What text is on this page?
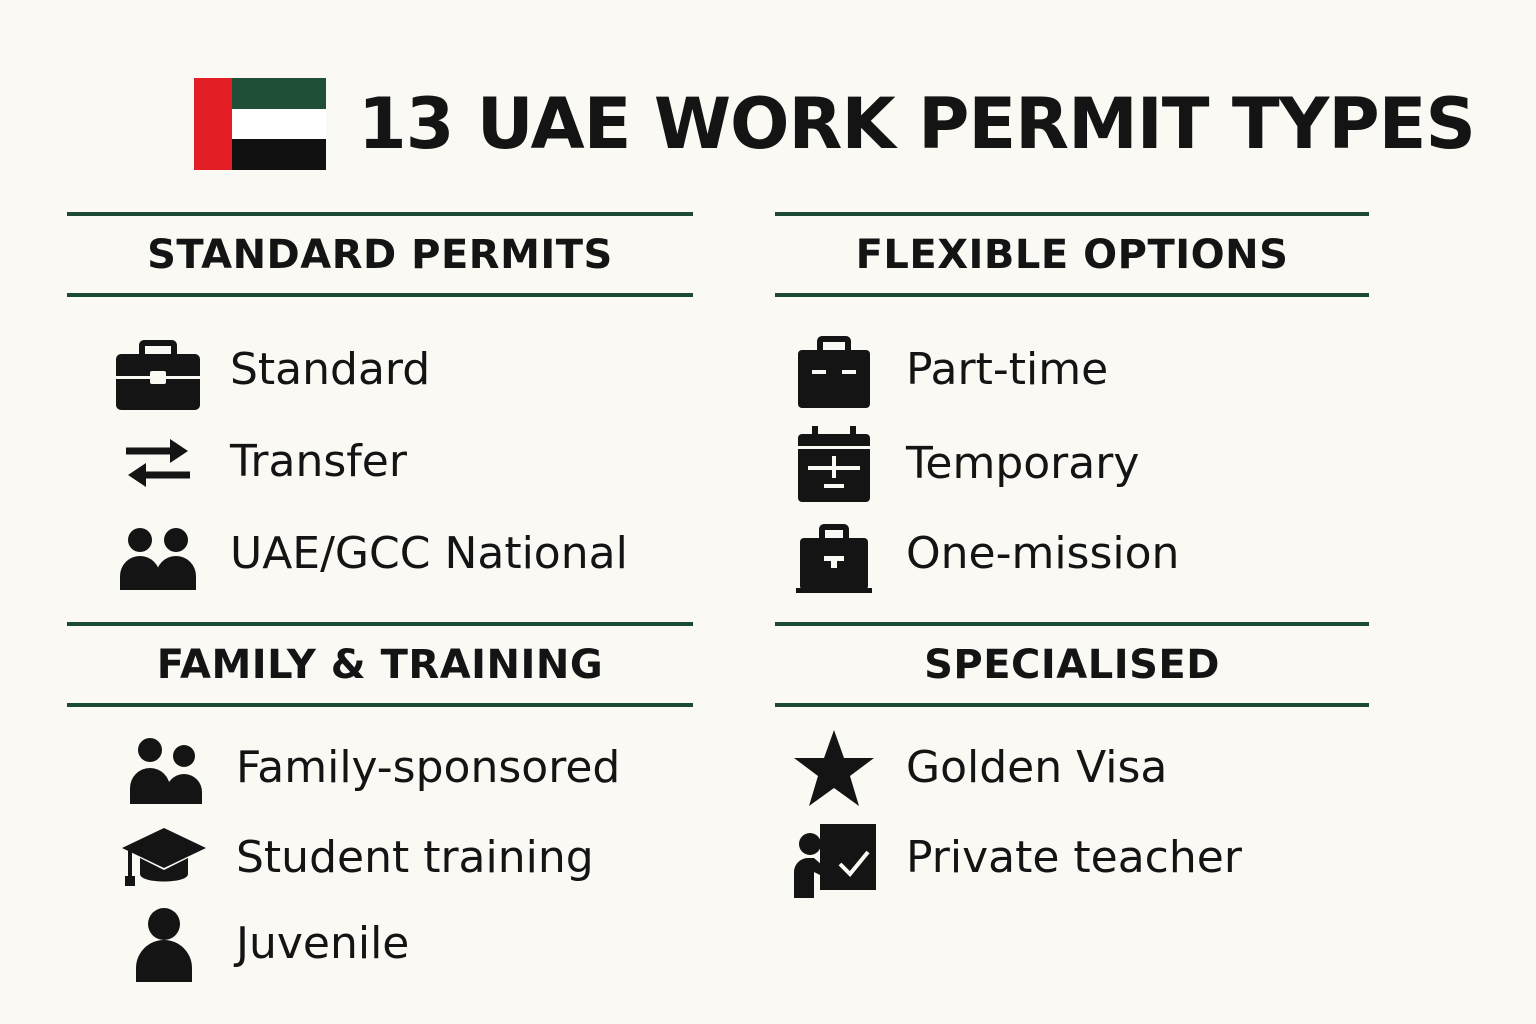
13 UAE WORK PERMIT TYPES
STANDARD PERMITS	FLEXIBLE OPTIONS
FAMILY & TRAINING	SPECIALISED
Standard
Transfer
UAE/GCC National
Part-time
Temporary
One-mission
Family-sponsored
Student training
Juvenile
Golden Visa
Private teacher
